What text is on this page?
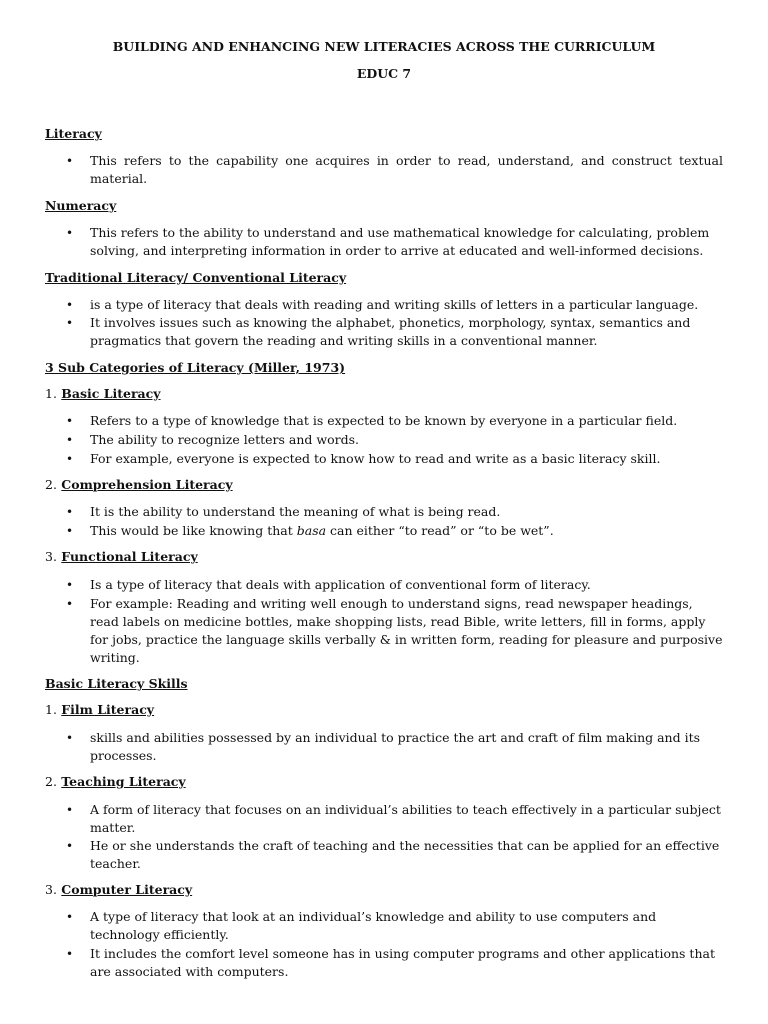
BUILDING AND ENHANCING NEW LITERACIES ACROSS THE CURRICULUM
EDUC 7
Literacy
•	This refers to the capability one acquires in order to read, understand, and construct textual material.
Numeracy
•	This refers to the ability to understand and use mathematical knowledge for calculating, problem solving, and interpreting information in order to arrive at educated and well-informed decisions.
Traditional Literacy/ Conventional Literacy
•	is a type of literacy that deals with reading and writing skills of letters in a particular language.
•	It involves issues such as knowing the alphabet, phonetics, morphology, syntax, semantics and pragmatics that govern the reading and writing skills in a conventional manner.
3 Sub Categories of Literacy (Miller, 1973)
1. Basic Literacy
•	Refers to a type of knowledge that is expected to be known by everyone in a particular field.
•	The ability to recognize letters and words.
•	For example, everyone is expected to know how to read and write as a basic literacy skill.
2. Comprehension Literacy
•	It is the ability to understand the meaning of what is being read.
•	This would be like knowing that basa can either “to read” or “to be wet”.
3. Functional Literacy
•	Is a type of literacy that deals with application of conventional form of literacy.
•	For example: Reading and writing well enough to understand signs, read newspaper headings, read labels on medicine bottles, make shopping lists, read Bible, write letters, fill in forms, apply for jobs, practice the language skills verbally & in written form, reading for pleasure and purposive writing.
Basic Literacy Skills
1. Film Literacy
•	skills and abilities possessed by an individual to practice the art and craft of film making and its processes.
2. Teaching Literacy
•	A form of literacy that focuses on an individual’s abilities to teach effectively in a particular subject matter.
•	He or she understands the craft of teaching and the necessities that can be applied for an effective teacher.
3. Computer Literacy
•	A type of literacy that look at an individual’s knowledge and ability to use computers and technology efficiently.
•	It includes the comfort level someone has in using computer programs and other applications that are associated with computers.
